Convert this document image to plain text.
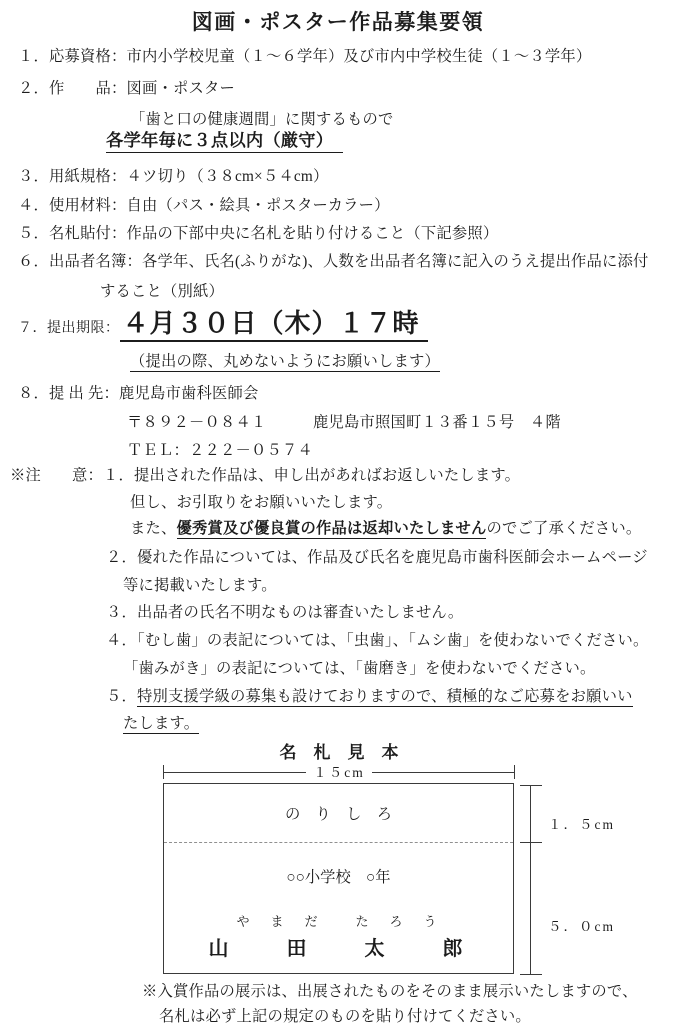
図画・ポスター作品募集要領
１．応募資格：市内小学校児童（１～６学年）及び市内中学校生徒（１～３学年）
２．作　　品：図画・ポスター
「歯と口の健康週間」に関するもので
各学年毎に３点以内（厳守）
３．用紙規格：４ツ切り（３８cm×５４cm）
４．使用材料：自由（パス・絵具・ポスターカラー）
５．名札貼付：作品の下部中央に名札を貼り付けること（下記参照）
６．出品者名簿：各学年、氏名(ふりがな)、人数を出品者名簿に記入のうえ提出作品に添付
すること（別紙）
７．提出期限： ４月３０日（木）１７時
（提出の際、丸めないようにお願いします）
８．提 出 先：鹿児島市歯科医師会
〒８９２－０８４１　　　鹿児島市照国町１３番１５号　４階
ＴＥＬ：２２２－０５７４
※注　　意：１．提出された作品は、申し出があればお返しいたします。
但し、お引取りをお願いいたします。
また、優秀賞及び優良賞の作品は返却いたしませんのでご了承ください。
２．優れた作品については、作品及び氏名を鹿児島市歯科医師会ホームページ
等に掲載いたします。
３．出品者の氏名不明なものは審査いたしません。
４．「むし歯」の表記については、「虫歯」、「ムシ歯」を使わないでください。
「歯みがき」の表記については、「歯磨き」を使わないでください。
５．特別支援学級の募集も設けておりますので、積極的なご応募をお願いい
たします。
名　札　見　本
１５cm
の　り　し　ろ
○○小学校　○年
や　ま　だ　　た　ろ　う
山　　田　　太　　郎
１．５cm
５．０cm
※入賞作品の展示は、出展されたものをそのまま展示いたしますので、
名札は必ず上記の規定のものを貼り付けてください。
